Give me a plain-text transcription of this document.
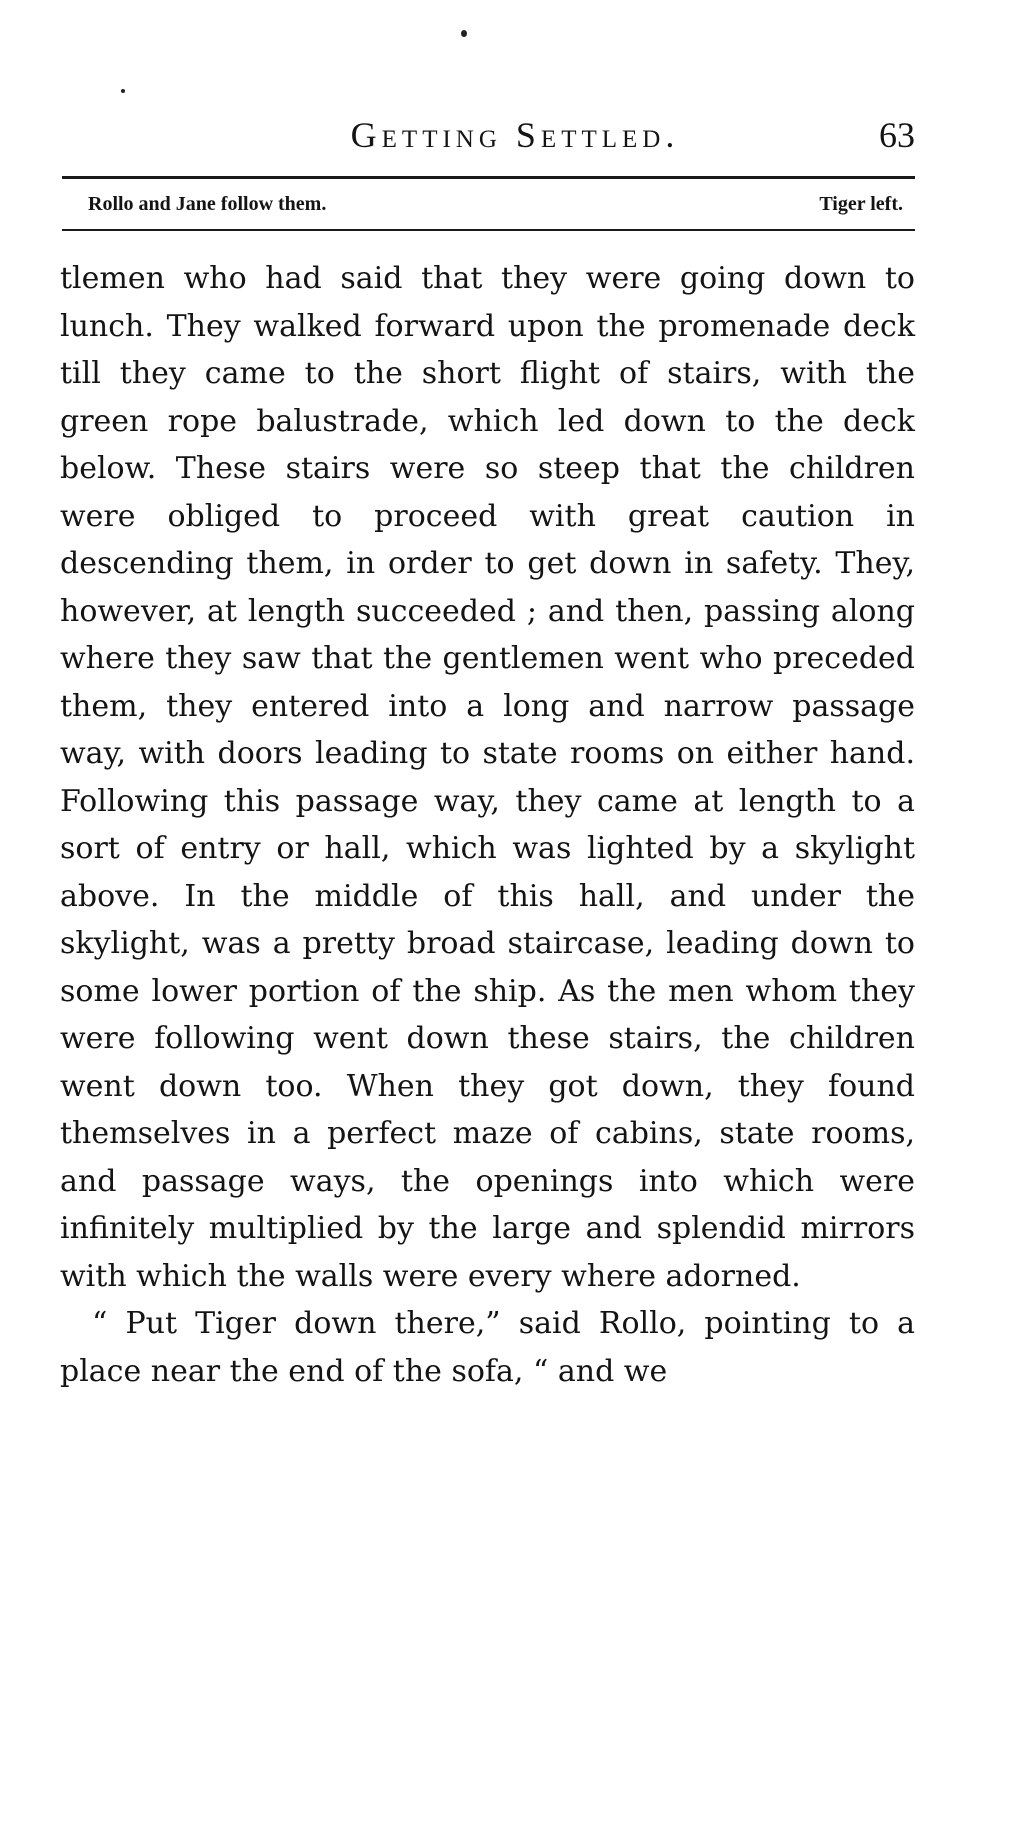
Getting Settled.	63
Rollo and Jane follow them.	Tiger left.

tlemen who had said that they were going down to lunch. They walked forward upon the promenade deck till they came to the short flight of stairs, with the green rope balustrade, which led down to the deck below. These stairs were so steep that the children were obliged to proceed with great caution in descending them, in order to get down in safety. They, however, at length succeeded ; and then, passing along where they saw that the gentlemen went who preceded them, they entered into a long and narrow passage way, with doors leading to state rooms on either hand. Following this passage way, they came at length to a sort of entry or hall, which was lighted by a skylight above. In the middle of this hall, and under the skylight, was a pretty broad staircase, leading down to some lower portion of the ship. As the men whom they were following went down these stairs, the children went down too. When they got down, they found themselves in a perfect maze of cabins, state rooms, and passage ways, the openings into which were infinitely multiplied by the large and splendid mirrors with which the walls were every where adorned.

“ Put Tiger down there,” said Rollo, pointing to a place near the end of the sofa, “ and we
